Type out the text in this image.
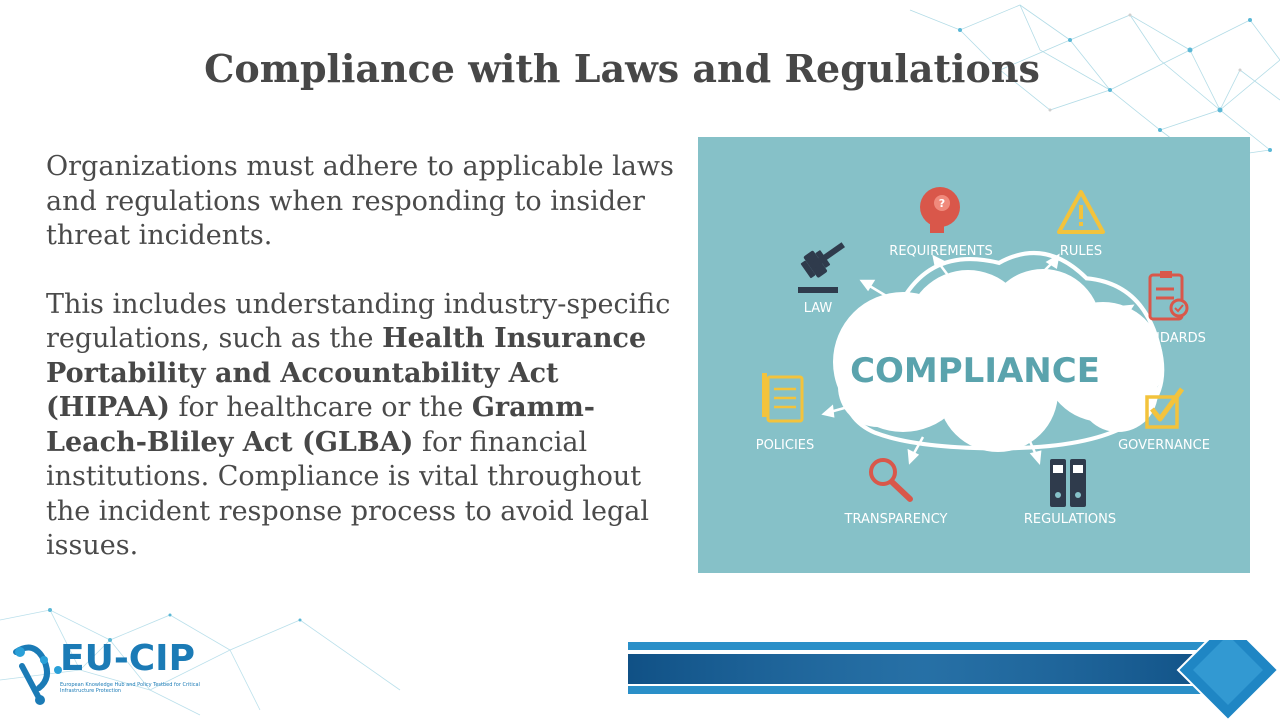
Compliance with Laws and Regulations

Organizations must adhere to applicable laws and regulations when responding to insider threat incidents.

This includes understanding industry-specific regulations, such as the Health Insurance Portability and Accountability Act (HIPAA) for healthcare or the Gramm-Leach-Bliley Act (GLBA) for financial institutions. Compliance is vital throughout the incident response process to avoid legal issues.

COMPLIANCE
?
REQUIREMENTS	RULES
LAW
STANDARDS
POLICIES	GOVERNANCE
TRANSPARENCY	REGULATIONS
EU-CIP
European Knowledge Hub and Policy Testbed for Critical Infrastructure Protection
